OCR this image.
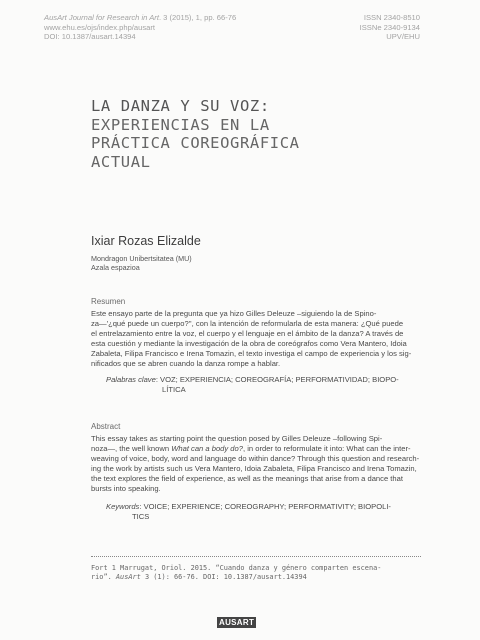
AusArt Journal for Research in Art. 3 (2015), 1, pp. 66-76
www.ehu.es/ojs/index.php/ausart
DOI: 10.1387/ausart.14394
ISSN 2340-8510
ISSNe 2340-9134
UPV/EHU
LA DANZA Y SU VOZ:
EXPERIENCIAS EN LA
PRÁCTICA COREOGRÁFICA
ACTUAL
Ixiar Rozas Elizalde
Mondragon Unibertsitatea (MU)
Azala espazioa
Resumen
Este ensayo parte de la pregunta que ya hizo Gilles Deleuze –siguiendo la de Spino-
za—'¿qué puede un cuerpo?'', con la intención de reformularla de esta manera: ¿Qué puede
el entrelazamiento entre la voz, el cuerpo y el lenguaje en el ámbito de la danza? A través de
esta cuestión y mediante la investigación de la obra de coreógrafos como Vera Mantero, Idoia
Zabaleta, Filipa Francisco e Irena Tomazin, el texto investiga el campo de experiencia y los sig-
nificados que se abren cuando la danza rompe a hablar.
Palabras clave: VOZ; EXPERIENCIA; COREOGRAFÍA; PERFORMATIVIDAD; BIOPO-
LÍTICA
Abstract
This essay takes as starting point the question posed by Gilles Deleuze –following Spi-
noza—, the well known What can a body do?, in order to reformulate it into: What can the inter-
weaving of voice, body, word and language do within dance? Through this question and research-
ing the work by artists such us Vera Mantero, Idoia Zabaleta, Filipa Francisco and Irena Tomazin,
the text explores the field of experience, as well as the meanings that arise from a dance that
bursts into speaking.
Keywords: VOICE; EXPERIENCE; COREOGRAPHY; PERFORMATIVITY; BIOPOLI-
TICS
Fort 1 Marrugat, Oriol. 2015. “Cuando danza y género comparten escena-
rio”. AusArt 3 (1): 66-76. DOI: 10.1387/ausart.14394
AUSART
